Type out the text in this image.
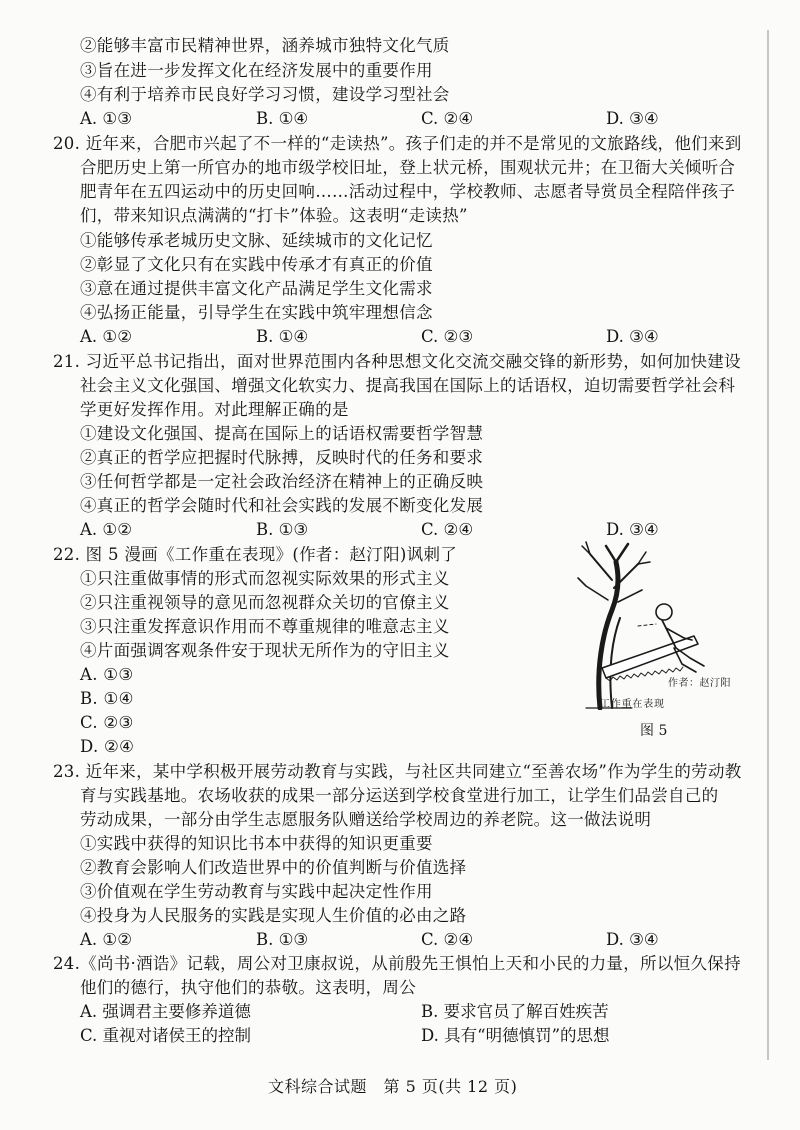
②能够丰富市民精神世界，涵养城市独特文化气质
③旨在进一步发挥文化在经济发展中的重要作用
④有利于培养市民良好学习习惯，建设学习型社会
A. ①③	B. ①④	C. ②④	D. ③④
20. 近年来，合肥市兴起了不一样的“走读热”。孩子们走的并不是常见的文旅路线，他们来到
合肥历史上第一所官办的地市级学校旧址，登上状元桥，围观状元井；在卫衙大关倾听合
肥青年在五四运动中的历史回响……活动过程中，学校教师、志愿者导赏员全程陪伴孩子
们，带来知识点满满的“打卡”体验。这表明“走读热”
①能够传承老城历史文脉、延续城市的文化记忆
②彰显了文化只有在实践中传承才有真正的价值
③意在通过提供丰富文化产品满足学生文化需求
④弘扬正能量，引导学生在实践中筑牢理想信念
A. ①②	B. ①④	C. ②③	D. ③④
21. 习近平总书记指出，面对世界范围内各种思想文化交流交融交锋的新形势，如何加快建设
社会主义文化强国、增强文化软实力、提高我国在国际上的话语权，迫切需要哲学社会科
学更好发挥作用。对此理解正确的是
①建设文化强国、提高在国际上的话语权需要哲学智慧
②真正的哲学应把握时代脉搏，反映时代的任务和要求
③任何哲学都是一定社会政治经济在精神上的正确反映
④真正的哲学会随时代和社会实践的发展不断变化发展
A. ①②	B. ①③	C. ②④	D. ③④
22. 图 5 漫画《工作重在表现》(作者：赵汀阳)讽刺了
①只注重做事情的形式而忽视实际效果的形式主义
②只注重视领导的意见而忽视群众关切的官僚主义
③只注重发挥意识作用而不尊重规律的唯意志主义
④片面强调客观条件安于现状无所作为的守旧主义
A. ①③
B. ①④
C. ②③
D. ②④
作者：赵汀阳
工作重在表现
图 5
23. 近年来，某中学积极开展劳动教育与实践，与社区共同建立“至善农场”作为学生的劳动教
育与实践基地。农场收获的成果一部分运送到学校食堂进行加工，让学生们品尝自己的
劳动成果，一部分由学生志愿服务队赠送给学校周边的养老院。这一做法说明
①实践中获得的知识比书本中获得的知识更重要
②教育会影响人们改造世界中的价值判断与价值选择
③价值观在学生劳动教育与实践中起决定性作用
④投身为人民服务的实践是实现人生价值的必由之路
A. ①②	B. ①③	C. ②④	D. ③④
24.《尚书·酒诰》记载，周公对卫康叔说，从前殷先王惧怕上天和小民的力量，所以恒久保持
他们的德行，执守他们的恭敬。这表明，周公
A. 强调君主要修养道德	B. 要求官员了解百姓疾苦
C. 重视对诸侯王的控制	D. 具有“明德慎罚”的思想
文科综合试题　第 5 页(共 12 页)
